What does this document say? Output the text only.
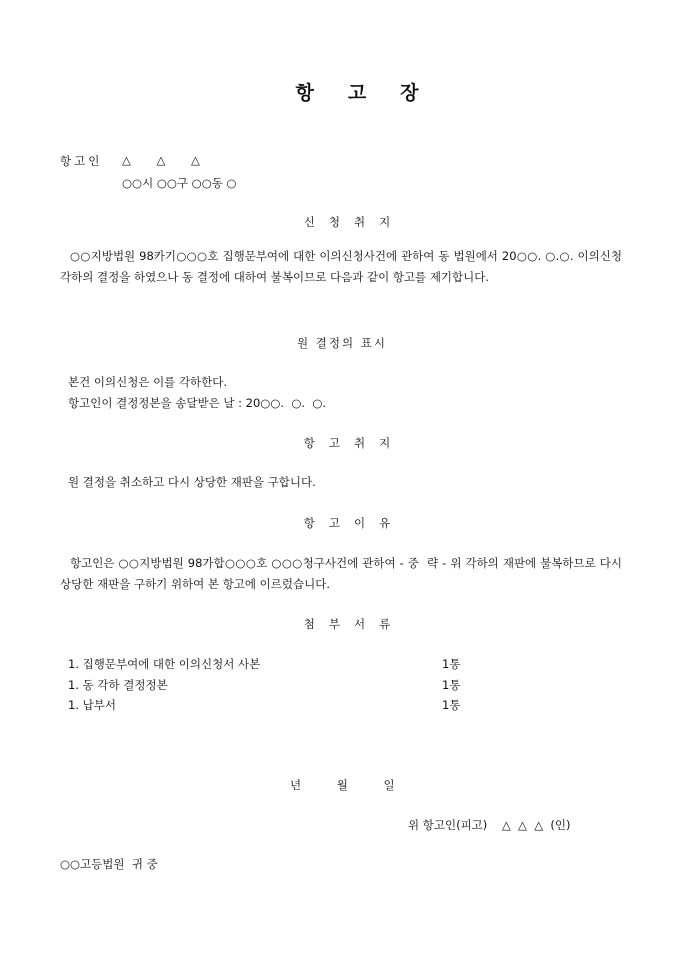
항고장
항고인 △ △ △
○○시 ○○구 ○○동 ○
신청취지
○○지방법원 98카기○○○호 집행문부여에 대한 이의신청사건에 관하여 동 법원에서 20○○. ○.○. 이의신청 각하의 결정을 하였으나 동 결정에 대하여 불복이므로 다음과 같이 항고를 제기합니다.
원 결정의 표시
본건 이의신청은 이를 각하한다.
항고인이 결정정본을 송달받은 날 : 20○○.  ○.  ○.
항고취지
원 결정을 취소하고 다시 상당한 재판을 구합니다.
항고이유
항고인은 ○○지방법원 98가합○○○호 ○○○청구사건에 관하여 - 중  략 - 위 각하의 재판에 불복하므로 다시 상당한 재판을 구하기 위하여 본 항고에 이르렀습니다.
첨부서류
1. 집행문부여에 대한 이의신청서 사본	1통
1. 동 각하 결정정본	1통
1. 납부서	1통
년 월 일
위 항고인(피고)    △  △  △  (인)
○○고등법원  귀 중
